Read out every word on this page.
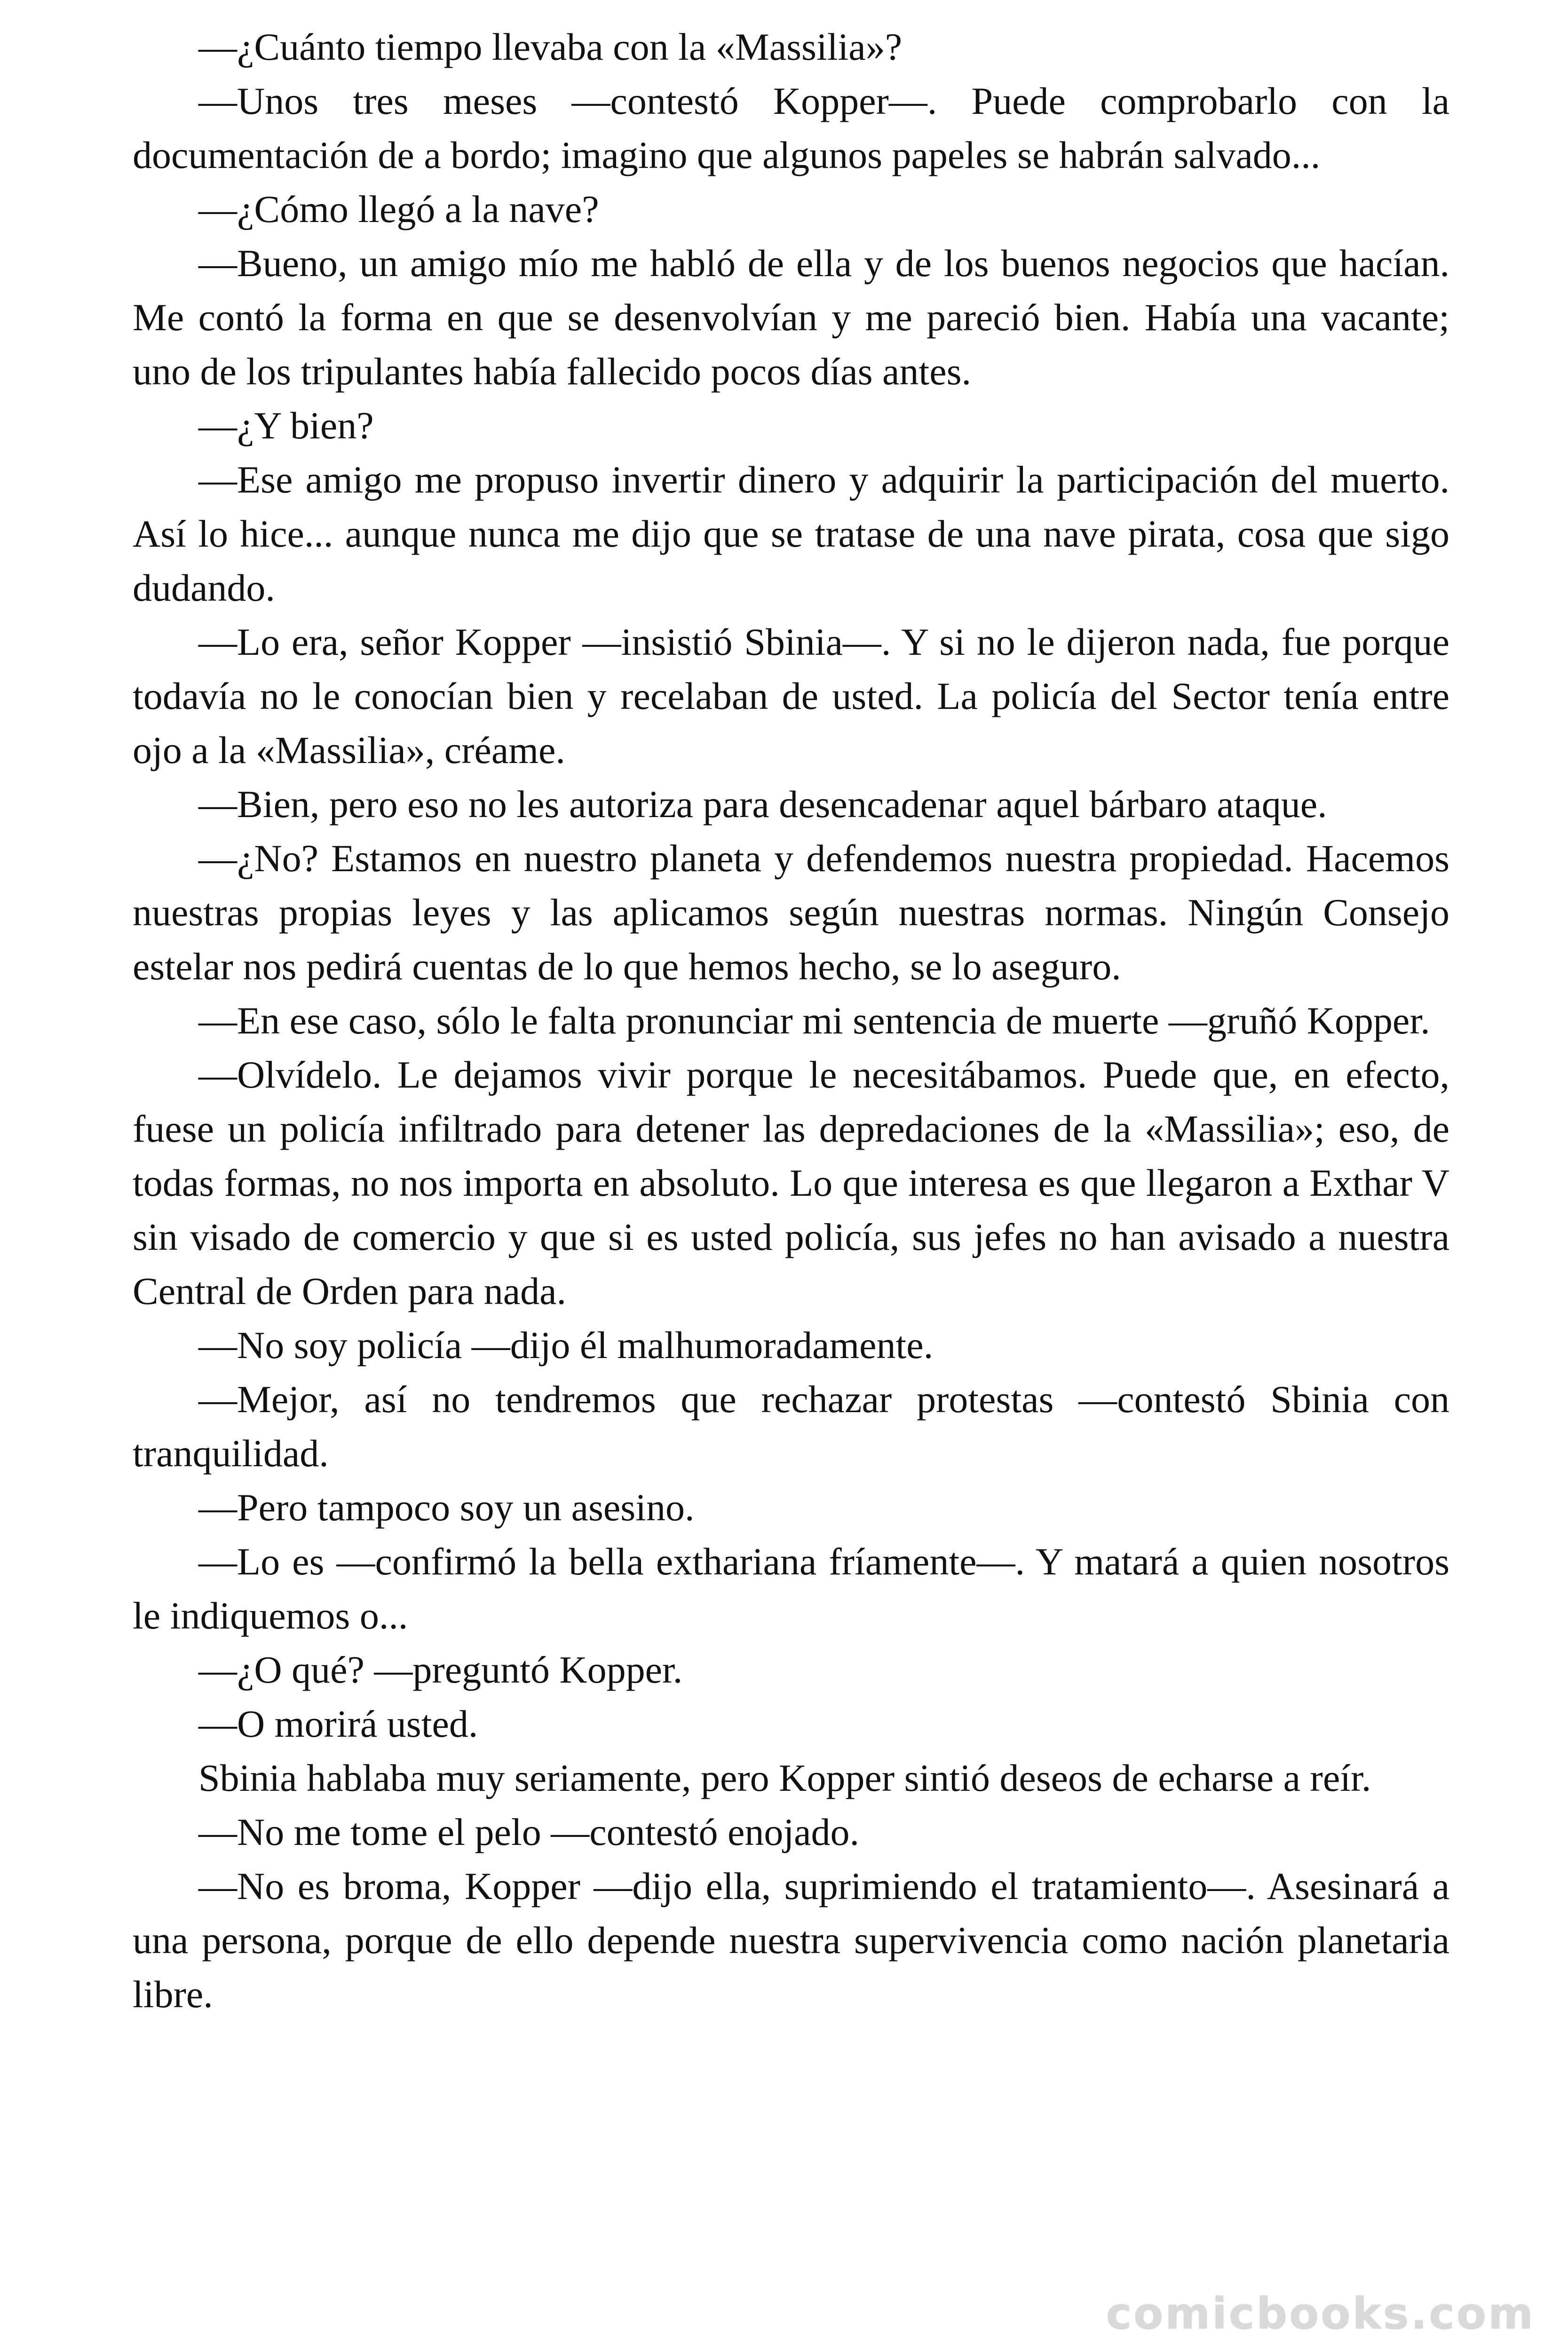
—¿Cuánto tiempo llevaba con la «Massilia»?

—Unos tres meses —contestó Kopper—. Puede comprobarlo con la documentación de a bordo; imagino que algunos papeles se habrán salvado...

—¿Cómo llegó a la nave?

—Bueno, un amigo mío me habló de ella y de los buenos negocios que hacían. Me contó la forma en que se desenvolvían y me pareció bien. Había una vacante; uno de los tripulantes había fallecido pocos días antes.

—¿Y bien?

—Ese amigo me propuso invertir dinero y adquirir la participación del muerto. Así lo hice... aunque nunca me dijo que se tratase de una nave pirata, cosa que sigo dudando.

—Lo era, señor Kopper —insistió Sbinia—. Y si no le dijeron nada, fue porque todavía no le conocían bien y recelaban de usted. La policía del Sector tenía entre ojo a la «Massilia», créame.

—Bien, pero eso no les autoriza para desencadenar aquel bárbaro ataque.

—¿No? Estamos en nuestro planeta y defendemos nuestra propiedad. Hacemos nuestras propias leyes y las aplicamos según nuestras normas. Ningún Consejo estelar nos pedirá cuentas de lo que hemos hecho, se lo aseguro.

—En ese caso, sólo le falta pronunciar mi sentencia de muerte —gruñó Kopper.

—Olvídelo. Le dejamos vivir porque le necesitábamos. Puede que, en efecto, fuese un policía infiltrado para detener las depredaciones de la «Massilia»; eso, de todas formas, no nos importa en absoluto. Lo que interesa es que llegaron a Exthar V sin visado de comercio y que si es usted policía, sus jefes no han avisado a nuestra Central de Orden para nada.

—No soy policía —dijo él malhumoradamente.

—Mejor, así no tendremos que rechazar protestas —contestó Sbinia con tranquilidad.

—Pero tampoco soy un asesino.

—Lo es —confirmó la bella exthariana fríamente—. Y matará a quien nosotros le indiquemos o...

—¿O qué? —preguntó Kopper.

—O morirá usted.

Sbinia hablaba muy seriamente, pero Kopper sintió deseos de echarse a reír.

—No me tome el pelo —contestó enojado.

—No es broma, Kopper —dijo ella, suprimiendo el tratamiento—. Asesinará a una persona, porque de ello depende nuestra supervivencia como nación planetaria libre.

comicbooks.com
